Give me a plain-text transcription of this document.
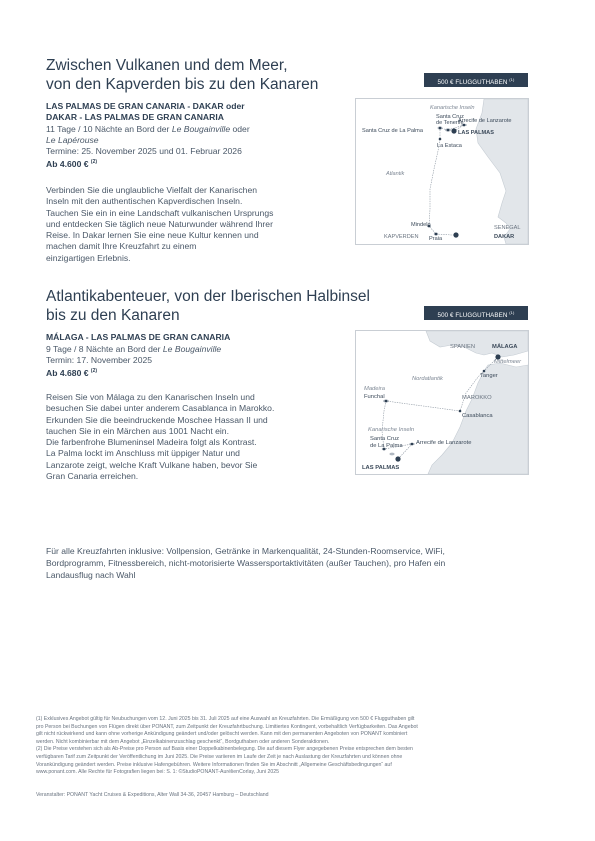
Zwischen Vulkanen und dem Meer,
von den Kapverden bis zu den Kanaren	500 € FLUGGUTHABEN $^{(1)}$
LAS PALMAS DE GRAN CANARIA - DAKAR oder
DAKAR - LAS PALMAS DE GRAN CANARIA
11 Tage / 10 Nächte an Bord der Le Bougainville oder
Le Lapérouse
Termine: 25. November 2025 und 01. Februar 2026
Ab 4.600 € $^{(2)}$

Verbinden Sie die unglaubliche Vielfalt der Kanarischen
Inseln mit den authentischen Kapverdischen Inseln.
Tauchen Sie ein in eine Landschaft vulkanischen Ursprungs
und entdecken Sie täglich neue Naturwunder während Ihrer
Reise. In Dakar lernen Sie eine neue Kultur kennen und
machen damit Ihre Kreuzfahrt zu einem
einzigartigen Erlebnis.

Kanarische Inseln
Santa Cruz
de Tenerife
Arrecife de Lanzarote
Santa Cruz de La Palma	LAS PALMAS
La Estaca
Atlantik
Mindelo	SENEGAL
KAPVERDEN Praia	DAKAR
Atlantikabenteuer, von der Iberischen Halbinsel
bis zu den Kanaren	500 € FLUGGUTHABEN $^{(1)}$
MÁLAGA - LAS PALMAS DE GRAN CANARIA
9 Tage / 8 Nächte an Bord der Le Bougainville
Termin: 17. November 2025
Ab 4.680 € $^{(2)}$

Reisen Sie von Málaga zu den Kanarischen Inseln und
besuchen Sie dabei unter anderem Casablanca in Marokko.
Erkunden Sie die beeindruckende Moschee Hassan II und
tauchen Sie in ein Märchen aus 1001 Nacht ein.
Die farbenfrohe Blumeninsel Madeira folgt als Kontrast.
La Palma lockt im Anschluss mit üppiger Natur und
Lanzarote zeigt, welche Kraft Vulkane haben, bevor Sie
Gran Canaria erreichen.

SPANIEN	MÁLAGA
Mittelmeer
Nordatlantik	Tanger
Madeira
Funchal	MAROKKO
Casablanca
Kanarische Inseln
Santa Cruz
de La Palma Arrecife de Lanzarote
LAS PALMAS
Für alle Kreuzfahrten inklusive: Vollpension, Getränke in Markenqualität, 24-Stunden-Roomservice, WiFi,
Bordprogramm, Fitnessbereich, nicht-motorisierte Wassersportaktivitäten (außer Tauchen), pro Hafen ein
Landausflug nach Wahl
(1) Exklusives Angebot gültig für Neubuchungen vom 12. Juni 2025 bis 31. Juli 2025 auf eine Auswahl an Kreuzfahrten. Die Ermäßigung von 500 € Flugguthaben gilt
pro Person bei Buchungen von Flügen direkt über PONANT, zum Zeitpunkt der Kreuzfahrtbuchung. Limitiertes Kontingent, vorbehaltlich Verfügbarkeiten. Das Angebot
gilt nicht rückwirkend und kann ohne vorherige Ankündigung geändert und/oder gelöscht werden. Kann mit den permanenten Angeboten von PONANT kombiniert
werden. Nicht kombinierbar mit dem Angebot „Einzelkabinenzuschlag geschenkt“, Bordguthaben oder anderen Sonderaktionen.
(2) Die Preise verstehen sich als Ab-Preise pro Person auf Basis einer Doppelkabinenbelegung. Die auf diesem Flyer angegebenen Preise entsprechen dem besten
verfügbaren Tarif zum Zeitpunkt der Veröffentlichung im Juni 2025. Die Preise variieren im Laufe der Zeit je nach Auslastung der Kreuzfahrten und können ohne
Vorankündigung geändert werden. Preise inklusive Hafengebühren. Weitere Informationen finden Sie im Abschnitt „Allgemeine Geschäftsbedingungen“ auf
www.ponant.com. Alle Rechte für Fotografien liegen bei: S. 1: ©StudioPONANT-AurélienCorlay, Juni 2025
Veranstalter: PONANT Yacht Cruises & Expeditions, Alter Wall 34-36, 20457 Hamburg – Deutschland
